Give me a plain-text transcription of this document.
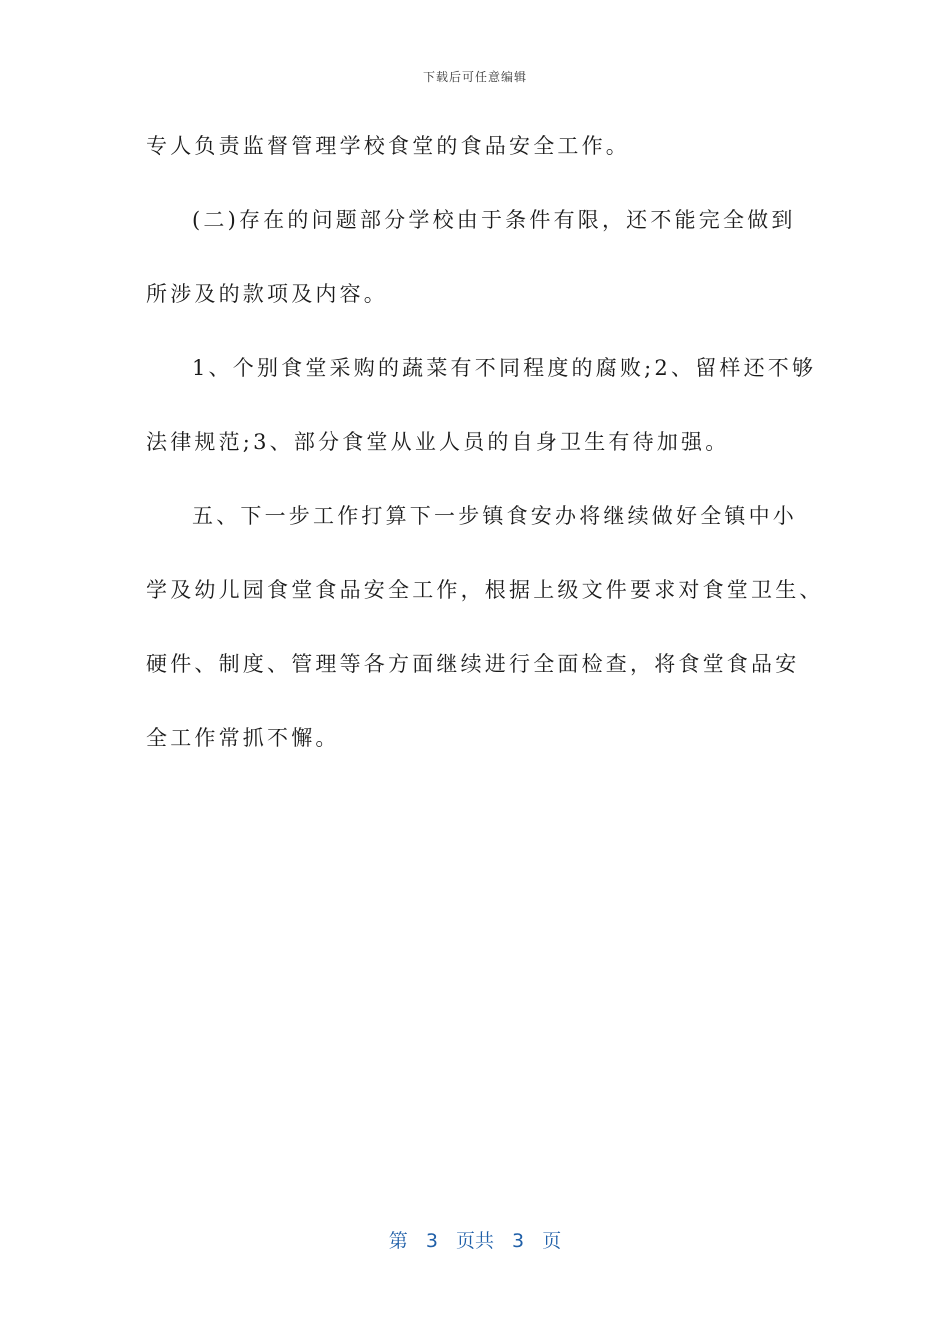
下载后可任意编辑
专人负责监督管理学校食堂的食品安全工作。
(二)存在的问题部分学校由于条件有限，还不能完全做到
所涉及的款项及内容。
1、个别食堂采购的蔬菜有不同程度的腐败;2、留样还不够
法律规范;3、部分食堂从业人员的自身卫生有待加强。
五、下一步工作打算下一步镇食安办将继续做好全镇中小
学及幼儿园食堂食品安全工作，根据上级文件要求对食堂卫生、
硬件、制度、管理等各方面继续进行全面检查，将食堂食品安
全工作常抓不懈。
第 3 页共 3 页
